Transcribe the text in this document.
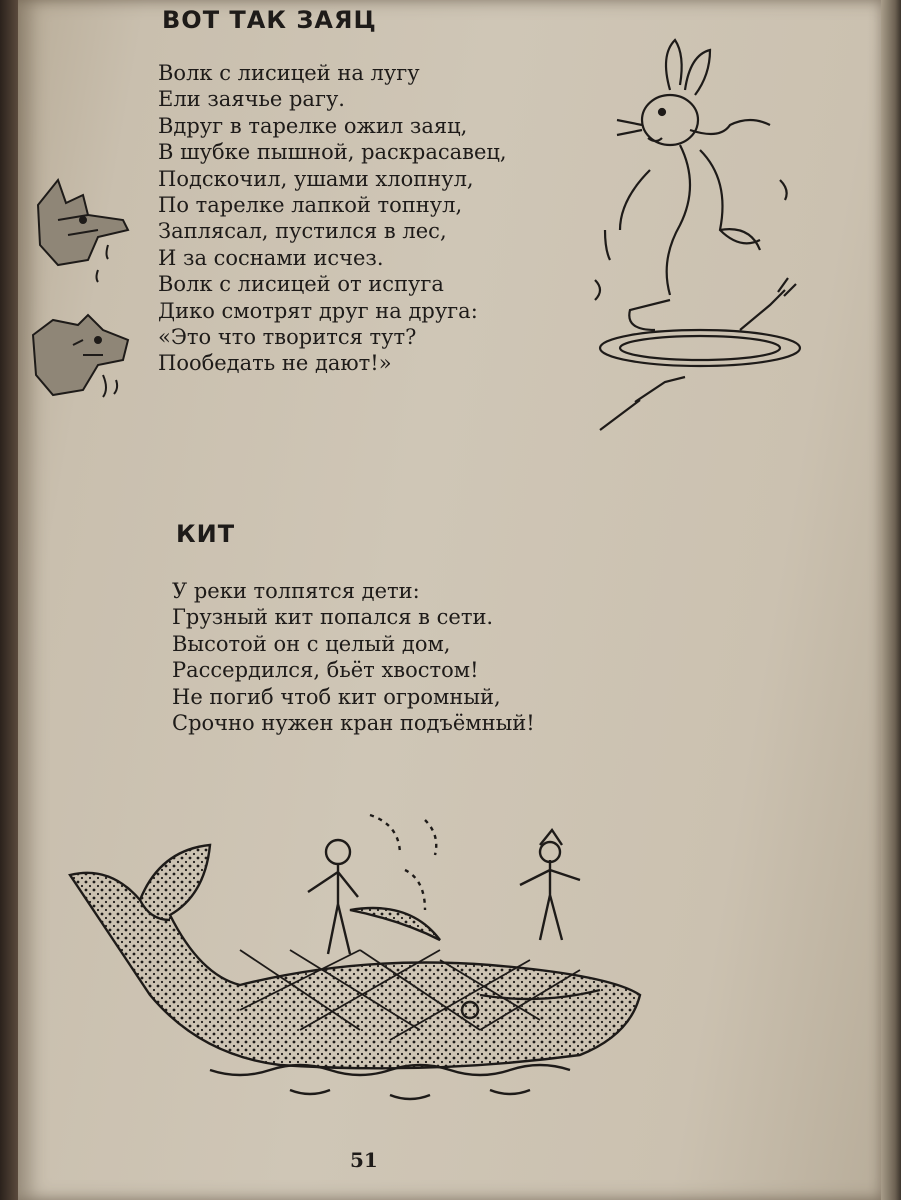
ВОТ ТАК ЗАЯЦ
Волк с лисицей на лугу
Ели заячье рагу.
Вдруг в тарелке ожил заяц,
В шубке пышной, раскрасавец,
Подскочил, ушами хлопнул,
По тарелке лапкой топнул,
Заплясал, пустился в лес,
И за соснами исчез.
Волк с лисицей от испуга
Дико смотрят друг на друга:
«Это что творится тут?
Пообедать не дают!»
КИТ
У реки толпятся дети:
Грузный кит попался в сети.
Высотой он с целый дом,
Рассердился, бьёт хвостом!
Не погиб чтоб кит огромный,
Срочно нужен кран подъёмный!
51
